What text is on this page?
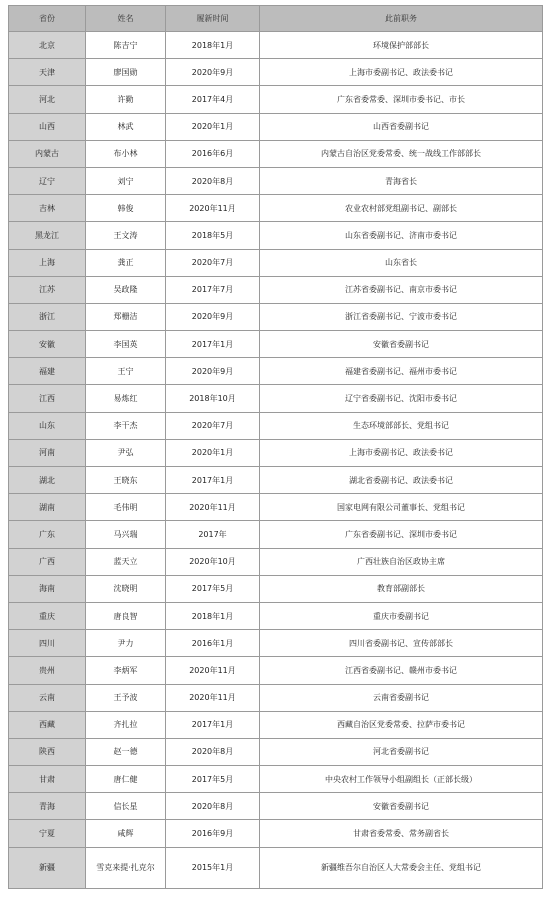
省份	姓名	履新时间	此前职务
北京	陈吉宁	2018年1月	环境保护部部长
天津	廖国勋	2020年9月	上海市委副书记、政法委书记
河北	许勤	2017年4月	广东省委常委、深圳市委书记、市长
山西	林武	2020年1月	山西省委副书记
内蒙古	布小林	2016年6月	内蒙古自治区党委常委、统一战线工作部部长
辽宁	刘宁	2020年8月	青海省长
吉林	韩俊	2020年11月	农业农村部党组副书记、副部长
黑龙江	王文涛	2018年5月	山东省委副书记、济南市委书记
上海	龚正	2020年7月	山东省长
江苏	吴政隆	2017年7月	江苏省委副书记、南京市委书记
浙江	郑栅洁	2020年9月	浙江省委副书记、宁波市委书记
安徽	李国英	2017年1月	安徽省委副书记
福建	王宁	2020年9月	福建省委副书记、福州市委书记
江西	易炼红	2018年10月	辽宁省委副书记、沈阳市委书记
山东	李干杰	2020年7月	生态环境部部长、党组书记
河南	尹弘	2020年1月	上海市委副书记、政法委书记
湖北	王晓东	2017年1月	湖北省委副书记、政法委书记
湖南	毛伟明	2020年11月	国家电网有限公司董事长、党组书记
广东	马兴瑞	2017年	广东省委副书记、深圳市委书记
广西	蓝天立	2020年10月	广西壮族自治区政协主席
海南	沈晓明	2017年5月	教育部副部长
重庆	唐良智	2018年1月	重庆市委副书记
四川	尹力	2016年1月	四川省委副书记、宣传部部长
贵州	李炳军	2020年11月	江西省委副书记、赣州市委书记
云南	王予波	2020年11月	云南省委副书记
西藏	齐扎拉	2017年1月	西藏自治区党委常委、拉萨市委书记
陕西	赵一德	2020年8月	河北省委副书记
甘肃	唐仁健	2017年5月	中央农村工作领导小组副组长（正部长级）
青海	信长星	2020年8月	安徽省委副书记
宁夏	咸辉	2016年9月	甘肃省委常委、常务副省长
新疆	雪克来提·扎克尔	2015年1月	新疆维吾尔自治区人大常委会主任、党组书记
